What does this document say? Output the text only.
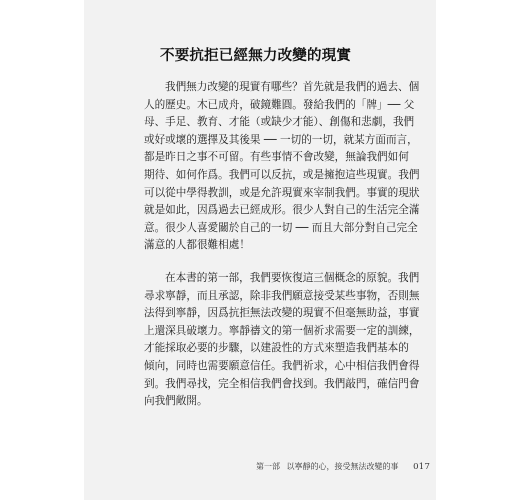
不要抗拒已經無力改變的現實
我們無力改變的現實有哪些？首先就是我們的過去、個
人的歷史。木已成舟，破鏡難圓。發給我們的「牌」── 父
母、手足、教育、才能（或缺少才能）、創傷和悲劇，我們
或好或壞的選擇及其後果 ── 一切的一切，就某方面而言，
都是昨日之事不可留。有些事情不會改變，無論我們如何
期待、如何作爲。我們可以反抗，或是擁抱這些現實。我們
可以從中學得教訓，或是允許現實來宰制我們。事實的現狀
就是如此，因爲過去已經成形。很少人對自己的生活完全滿
意。很少人喜愛關於自己的一切 ── 而且大部分對自己完全
滿意的人都很難相處！
在本書的第一部，我們要恢復這三個概念的原貌。我們
尋求寧靜，而且承認，除非我們願意接受某些事物，否則無
法得到寧靜，因爲抗拒無法改變的現實不但毫無助益，事實
上還深具破壞力。寧靜禱文的第一個祈求需要一定的訓練，
才能採取必要的步驟，以建設性的方式來塑造我們基本的
傾向，同時也需要願意信任。我們祈求，心中相信我們會得
到。我們尋找，完全相信我們會找到。我們敲門，確信門會
向我們敞開。
第一部 以寧靜的心，接受無法改變的事 017
